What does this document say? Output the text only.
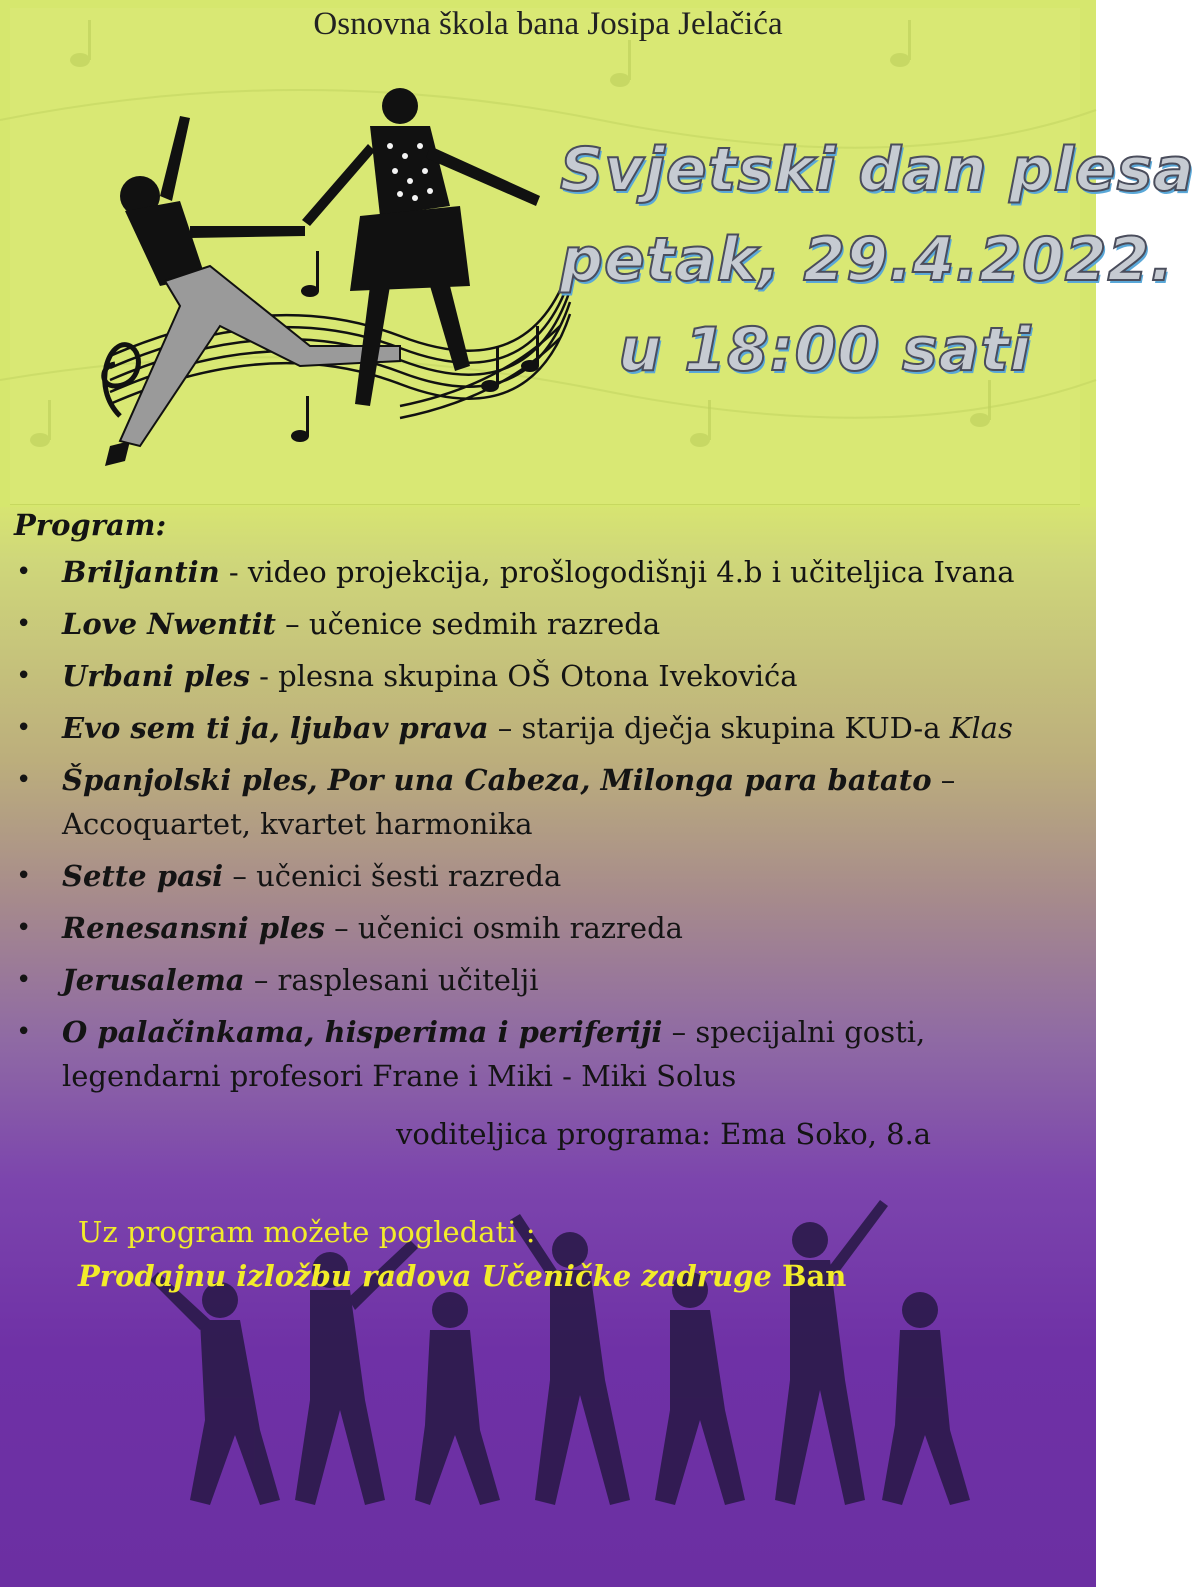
Osnovna škola bana Josipa Jelačića
Svjetski dan plesa
petak, 29.4.2022.
u 18:00 sati
Program:
• Briljantin - video projekcija, prošlogodišnji 4.b i učiteljica Ivana
• Love Nwentit – učenice sedmih razreda
• Urbani ples - plesna skupina OŠ Otona Ivekovića
• Evo sem ti ja, ljubav prava – starija dječja skupina KUD-a Klas
• Španjolski ples, Por una Cabeza, Milonga para batato – Accoquartet, kvartet harmonika
• Sette pasi – učenici šesti razreda
• Renesansni ples – učenici osmih razreda
• Jerusalema – rasplesani učitelji
• O palačinkama, hisperima i periferiji – specijalni gosti, legendarni profesori Frane i Miki - Miki Solus
voditeljica programa: Ema Soko, 8.a
Uz program možete pogledati :
Prodajnu izložbu radova Učeničke zadruge Ban
